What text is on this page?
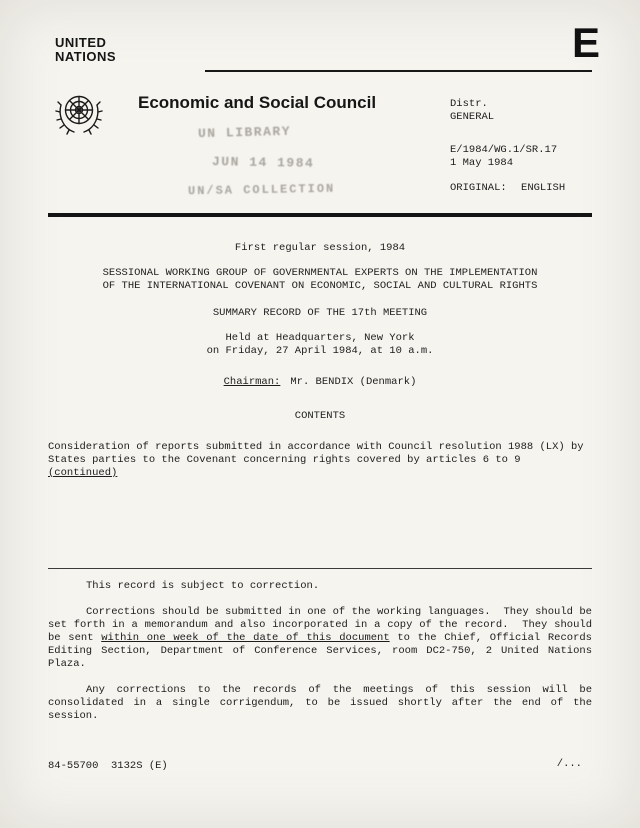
UNITED
NATIONS	E
Economic and Social Council
UN LIBRARY
JUN 14 1984
UN/SA COLLECTION
Distr.
GENERAL
E/1984/WG.1/SR.17
1 May 1984
ORIGINAL: ENGLISH
First regular session, 1984
SESSIONAL WORKING GROUP OF GOVERNMENTAL EXPERTS ON THE IMPLEMENTATION
OF THE INTERNATIONAL COVENANT ON ECONOMIC, SOCIAL AND CULTURAL RIGHTS
SUMMARY RECORD OF THE 17th MEETING
Held at Headquarters, New York
on Friday, 27 April 1984, at 10 a.m.
Chairman: Mr. BENDIX (Denmark)
CONTENTS
Consideration of reports submitted in accordance with Council resolution 1988 (LX) by States parties to the Covenant concerning rights covered by articles 6 to 9 (continued)

This record is subject to correction.

Corrections should be submitted in one of the working languages.  They should be set forth in a memorandum and also incorporated in a copy of the record.  They should be sent within one week of the date of this document to the Chief, Official Records Editing Section, Department of Conference Services, room DC2-750, 2 United Nations Plaza.

Any corrections to the records of the meetings of this session will be consolidated in a single corrigendum, to be issued shortly after the end of the session.

84-55700  3132S (E)	/...
